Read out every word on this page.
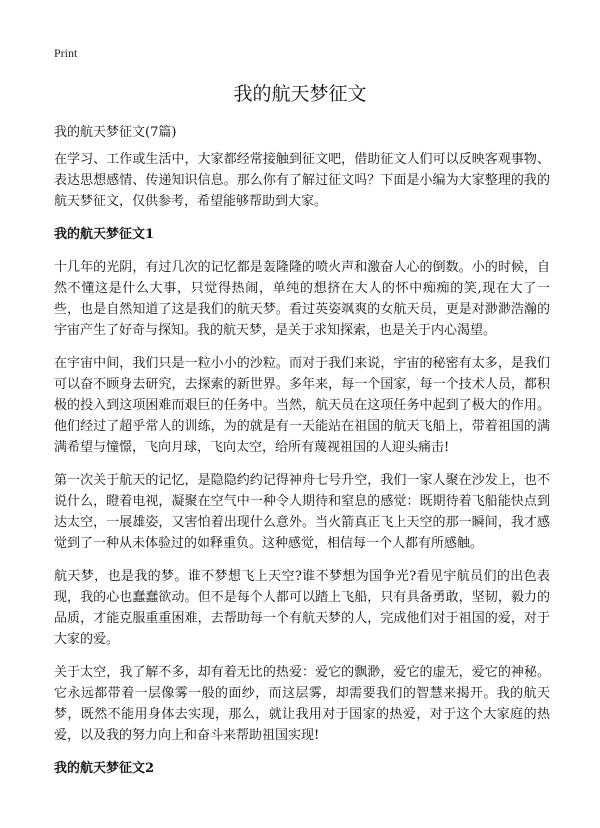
Print
我的航天梦征文
我的航天梦征文(7篇)

在学习、工作或生活中，大家都经常接触到征文吧，借助征文人们可以反映客观事物、表达思想感情、传递知识信息。那么你有了解过征文吗？下面是小编为大家整理的我的航天梦征文，仅供参考，希望能够帮助到大家。

我的航天梦征文1

十几年的光阴，有过几次的记忆都是轰隆隆的喷火声和激奋人心的倒数。小的时候，自然不懂这是什么大事，只觉得热闹，单纯的想挤在大人的怀中痴痴的笑,现在大了一些，也是自然知道了这是我们的航天梦。看过英姿飒爽的女航天员，更是对渺渺浩瀚的宇宙产生了好奇与探知。我的航天梦，是关于求知探索，也是关于内心渴望。

在宇宙中间，我们只是一粒小小的沙粒。而对于我们来说，宇宙的秘密有太多，是我们可以奋不顾身去研究，去探索的新世界。多年来，每一个国家，每一个技术人员，都积极的投入到这项困难而艰巨的任务中。当然，航天员在这项任务中起到了极大的作用。他们经过了超乎常人的训练，为的就是有一天能站在祖国的航天飞船上，带着祖国的满满希望与憧憬，飞向月球，飞向太空，给所有蔑视祖国的人迎头痛击!

第一次关于航天的记忆，是隐隐约约记得神舟七号升空，我们一家人聚在沙发上，也不说什么，瞪着电视，凝聚在空气中一种令人期待和窒息的感觉：既期待着飞船能快点到达太空，一展雄姿，又害怕着出现什么意外。当火箭真正飞上天空的那一瞬间，我才感觉到了一种从未体验过的如释重负。这种感觉，相信每一个人都有所感触。

航天梦，也是我的梦。谁不梦想飞上天空?谁不梦想为国争光?看见宇航员们的出色表现，我的心也蠢蠢欲动。但不是每个人都可以踏上飞船，只有具备勇敢，坚韧，毅力的品质，才能克服重重困难，去帮助每一个有航天梦的人，完成他们对于祖国的爱，对于大家的爱。

关于太空，我了解不多，却有着无比的热爱：爱它的飘渺，爱它的虚无，爱它的神秘。它永远都带着一层像雾一般的面纱，而这层雾，却需要我们的智慧来揭开。我的航天梦，既然不能用身体去实现，那么，就让我用对于国家的热爱，对于这个大家庭的热爱，以及我的努力向上和奋斗来帮助祖国实现!

我的航天梦征文2
